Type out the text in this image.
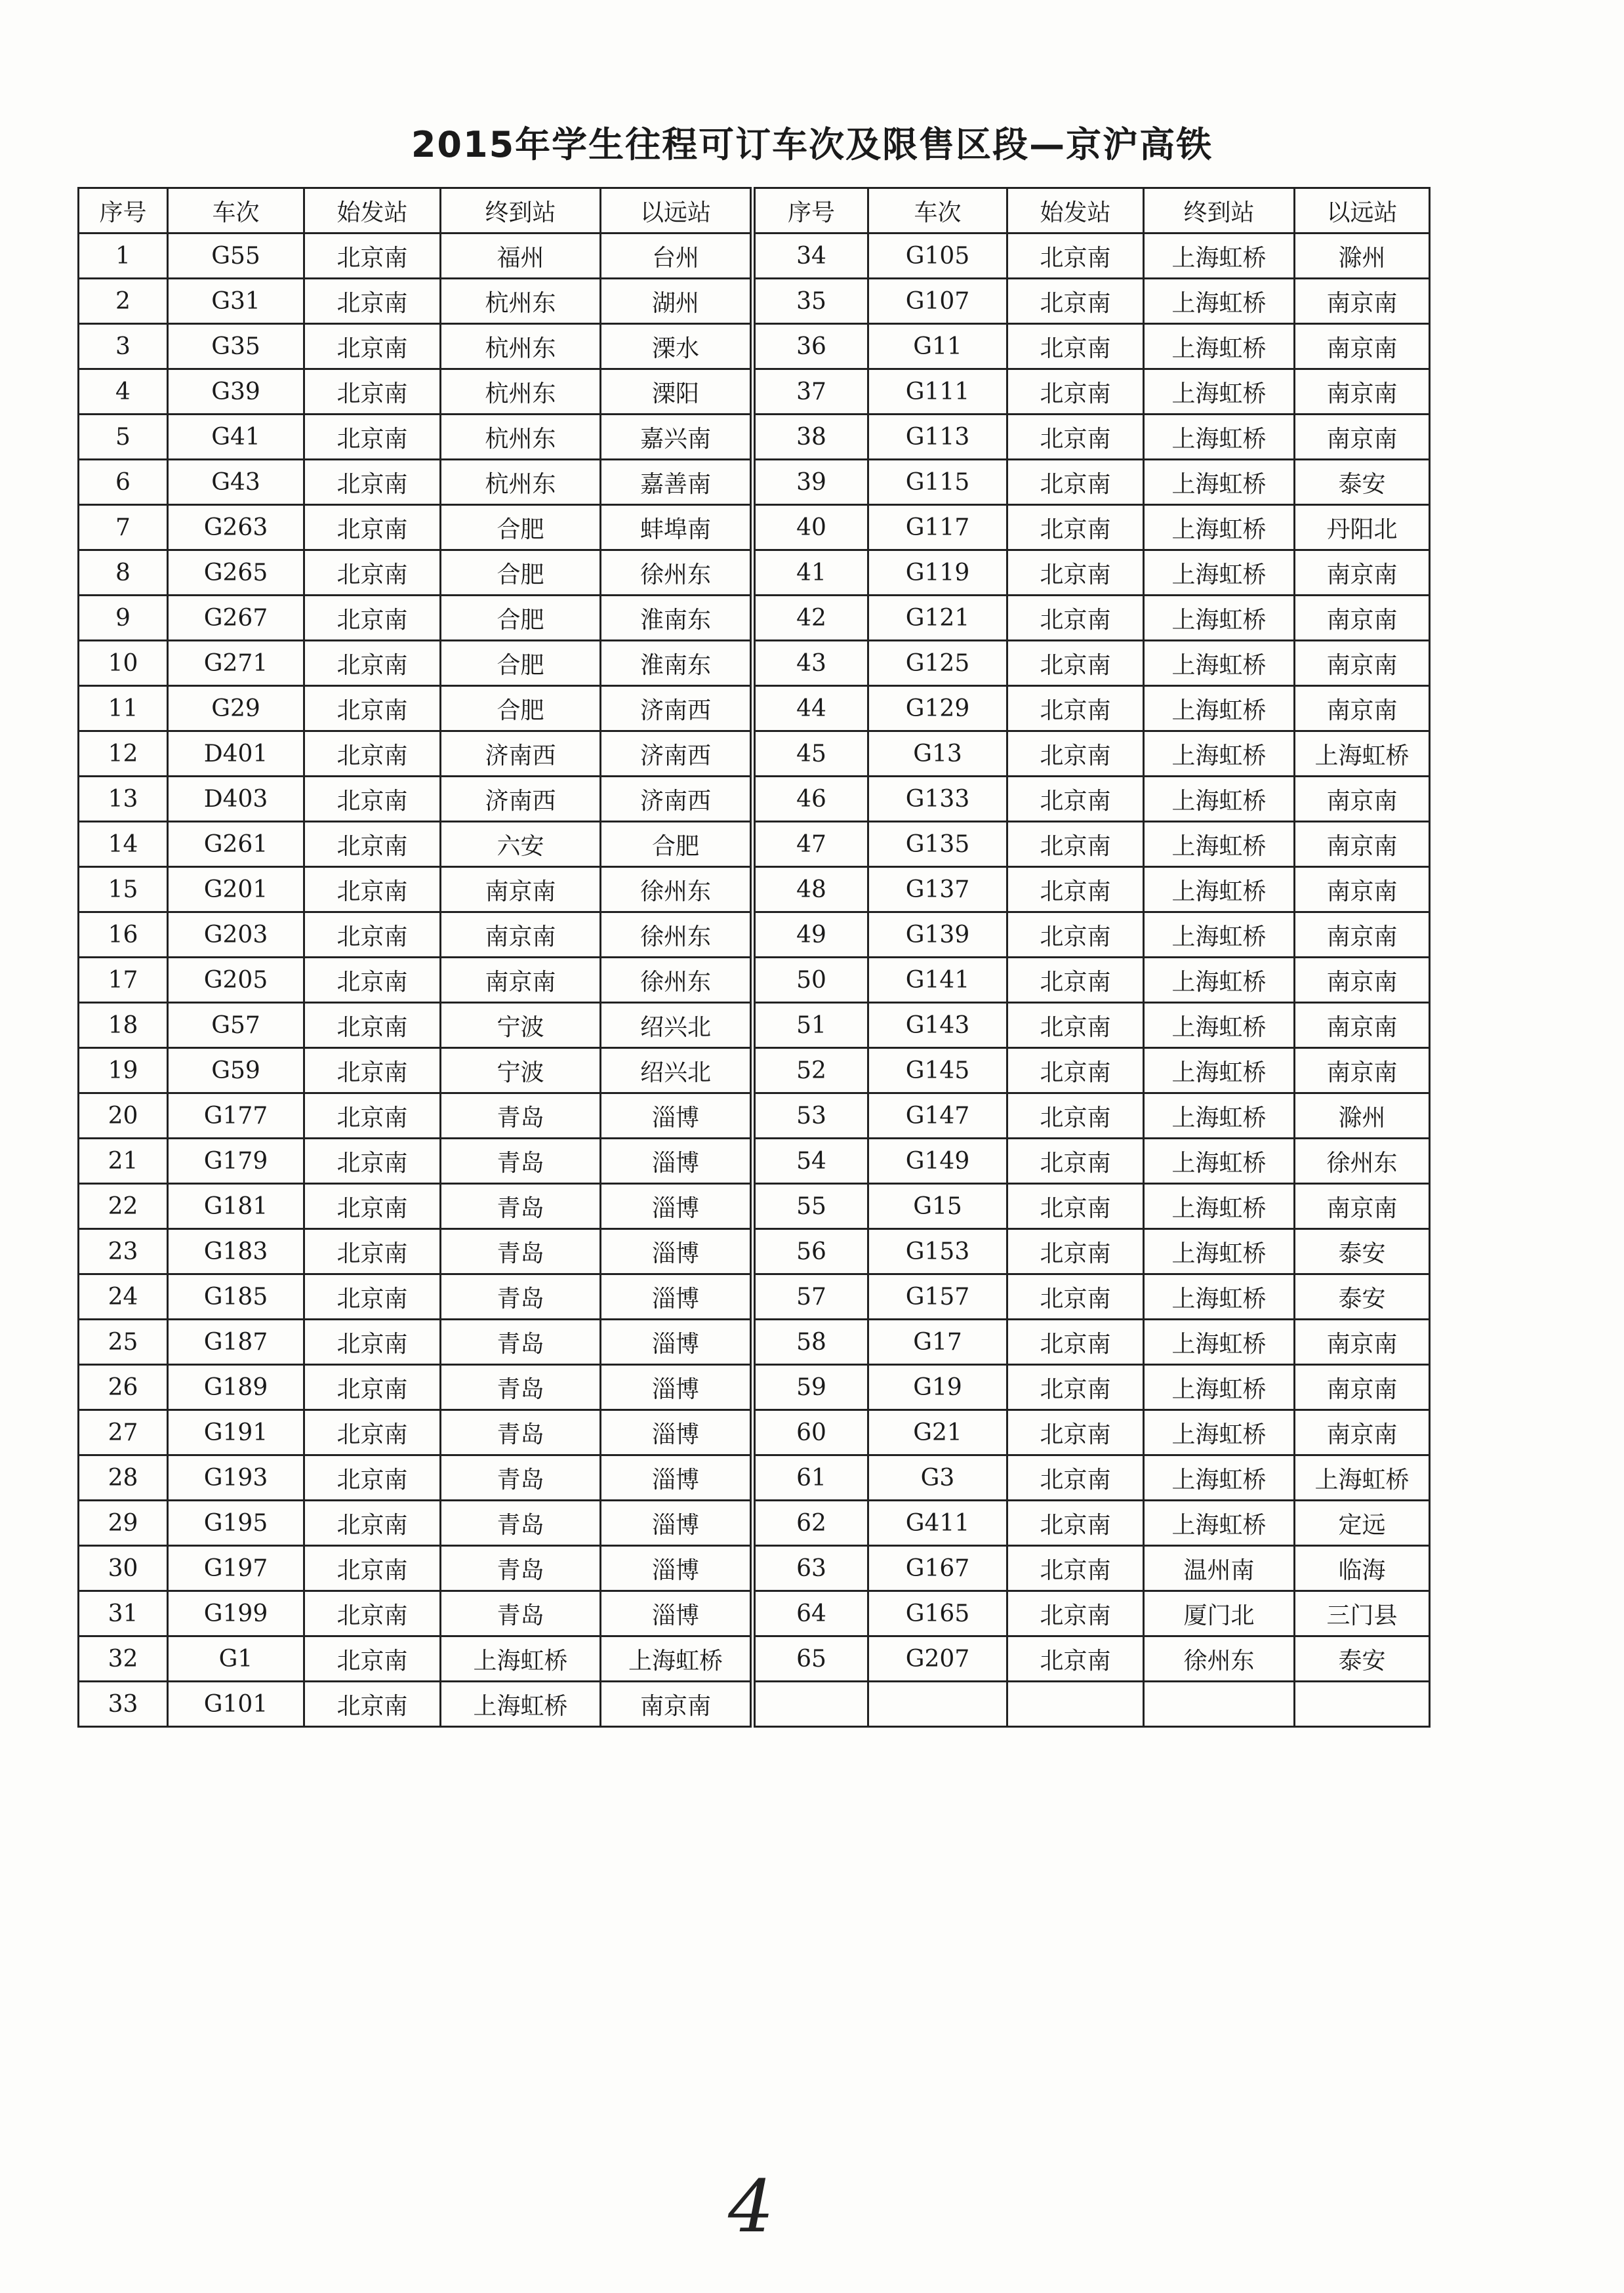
2015年学生往程可订车次及限售区段—京沪高铁
序号	车次	始发站	终到站	以远站	序号	车次	始发站	终到站	以远站
1	G55	北京南	福州	台州	34	G105	北京南	上海虹桥	滁州
2	G31	北京南	杭州东	湖州	35	G107	北京南	上海虹桥	南京南
3	G35	北京南	杭州东	溧水	36	G11	北京南	上海虹桥	南京南
4	G39	北京南	杭州东	溧阳	37	G111	北京南	上海虹桥	南京南
5	G41	北京南	杭州东	嘉兴南	38	G113	北京南	上海虹桥	南京南
6	G43	北京南	杭州东	嘉善南	39	G115	北京南	上海虹桥	泰安
7	G263	北京南	合肥	蚌埠南	40	G117	北京南	上海虹桥	丹阳北
8	G265	北京南	合肥	徐州东	41	G119	北京南	上海虹桥	南京南
9	G267	北京南	合肥	淮南东	42	G121	北京南	上海虹桥	南京南
10	G271	北京南	合肥	淮南东	43	G125	北京南	上海虹桥	南京南
11	G29	北京南	合肥	济南西	44	G129	北京南	上海虹桥	南京南
12	D401	北京南	济南西	济南西	45	G13	北京南	上海虹桥	上海虹桥
13	D403	北京南	济南西	济南西	46	G133	北京南	上海虹桥	南京南
14	G261	北京南	六安	合肥	47	G135	北京南	上海虹桥	南京南
15	G201	北京南	南京南	徐州东	48	G137	北京南	上海虹桥	南京南
16	G203	北京南	南京南	徐州东	49	G139	北京南	上海虹桥	南京南
17	G205	北京南	南京南	徐州东	50	G141	北京南	上海虹桥	南京南
18	G57	北京南	宁波	绍兴北	51	G143	北京南	上海虹桥	南京南
19	G59	北京南	宁波	绍兴北	52	G145	北京南	上海虹桥	南京南
20	G177	北京南	青岛	淄博	53	G147	北京南	上海虹桥	滁州
21	G179	北京南	青岛	淄博	54	G149	北京南	上海虹桥	徐州东
22	G181	北京南	青岛	淄博	55	G15	北京南	上海虹桥	南京南
23	G183	北京南	青岛	淄博	56	G153	北京南	上海虹桥	泰安
24	G185	北京南	青岛	淄博	57	G157	北京南	上海虹桥	泰安
25	G187	北京南	青岛	淄博	58	G17	北京南	上海虹桥	南京南
26	G189	北京南	青岛	淄博	59	G19	北京南	上海虹桥	南京南
27	G191	北京南	青岛	淄博	60	G21	北京南	上海虹桥	南京南
28	G193	北京南	青岛	淄博	61	G3	北京南	上海虹桥	上海虹桥
29	G195	北京南	青岛	淄博	62	G411	北京南	上海虹桥	定远
30	G197	北京南	青岛	淄博	63	G167	北京南	温州南	临海
31	G199	北京南	青岛	淄博	64	G165	北京南	厦门北	三门县
32	G1	北京南	上海虹桥	上海虹桥	65	G207	北京南	徐州东	泰安
33	G101	北京南	上海虹桥	南京南					
4
